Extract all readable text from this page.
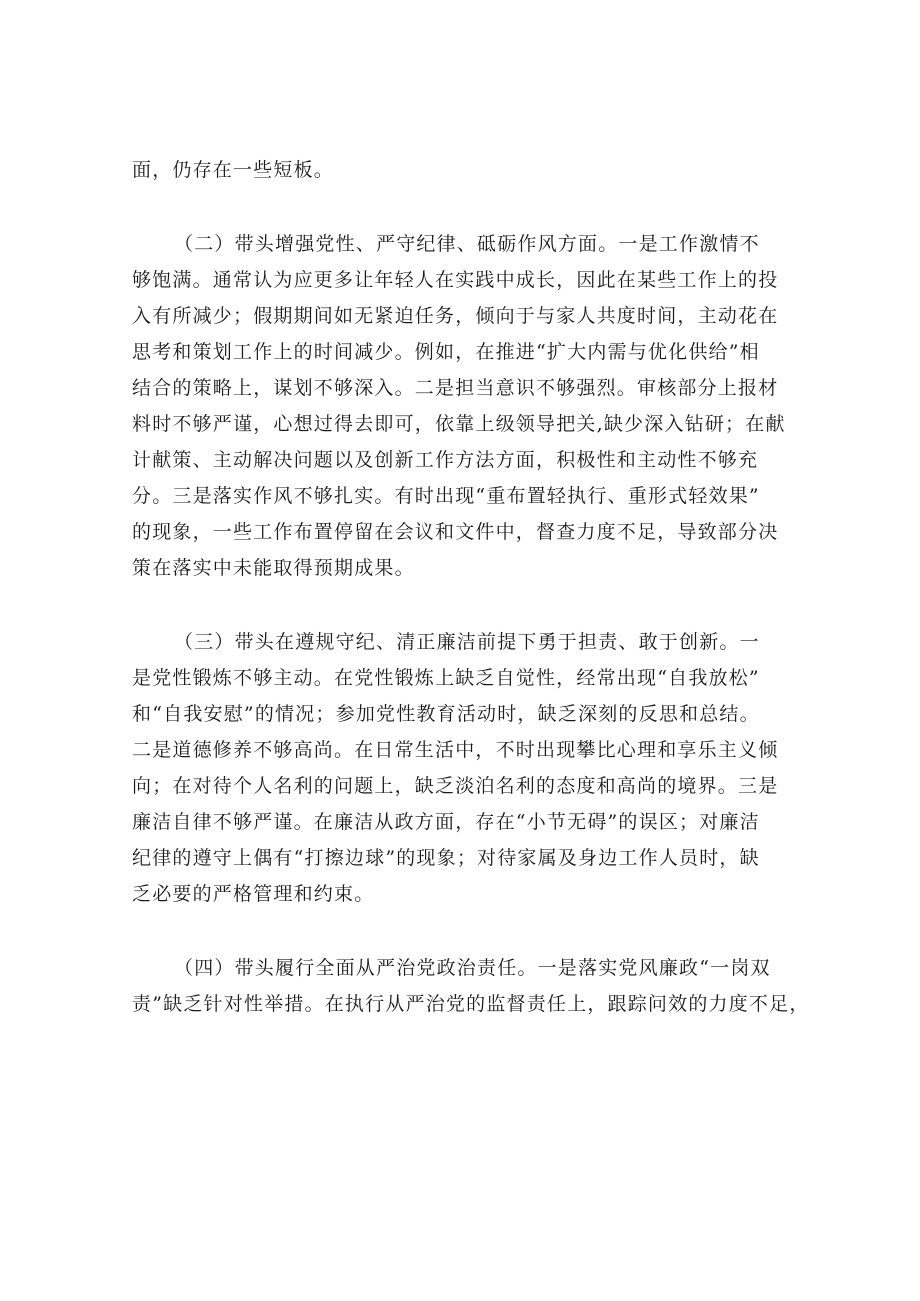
面，仍存在一些短板。
（二）带头增强党性、严守纪律、砥砺作风方面。一是工作激情不
够饱满。通常认为应更多让年轻人在实践中成长，因此在某些工作上的投
入有所减少；假期期间如无紧迫任务，倾向于与家人共度时间，主动花在
思考和策划工作上的时间减少。例如，在推进“扩大内需与优化供给”相
结合的策略上，谋划不够深入。二是担当意识不够强烈。审核部分上报材
料时不够严谨，心想过得去即可，依靠上级领导把关,缺少深入钻研；在献
计献策、主动解决问题以及创新工作方法方面，积极性和主动性不够充
分。三是落实作风不够扎实。有时出现“重布置轻执行、重形式轻效果”
的现象，一些工作布置停留在会议和文件中，督查力度不足，导致部分决
策在落实中未能取得预期成果。
（三）带头在遵规守纪、清正廉洁前提下勇于担责、敢于创新。一
是党性锻炼不够主动。在党性锻炼上缺乏自觉性，经常出现“自我放松”
和“自我安慰”的情况；参加党性教育活动时，缺乏深刻的反思和总结。
二是道德修养不够高尚。在日常生活中，不时出现攀比心理和享乐主义倾
向；在对待个人名利的问题上，缺乏淡泊名利的态度和高尚的境界。三是
廉洁自律不够严谨。在廉洁从政方面，存在“小节无碍”的误区；对廉洁
纪律的遵守上偶有“打擦边球”的现象；对待家属及身边工作人员时，缺
乏必要的严格管理和约束。
（四）带头履行全面从严治党政治责任。一是落实党风廉政“一岗双
责”缺乏针对性举措。在执行从严治党的监督责任上，跟踪问效的力度不足，
